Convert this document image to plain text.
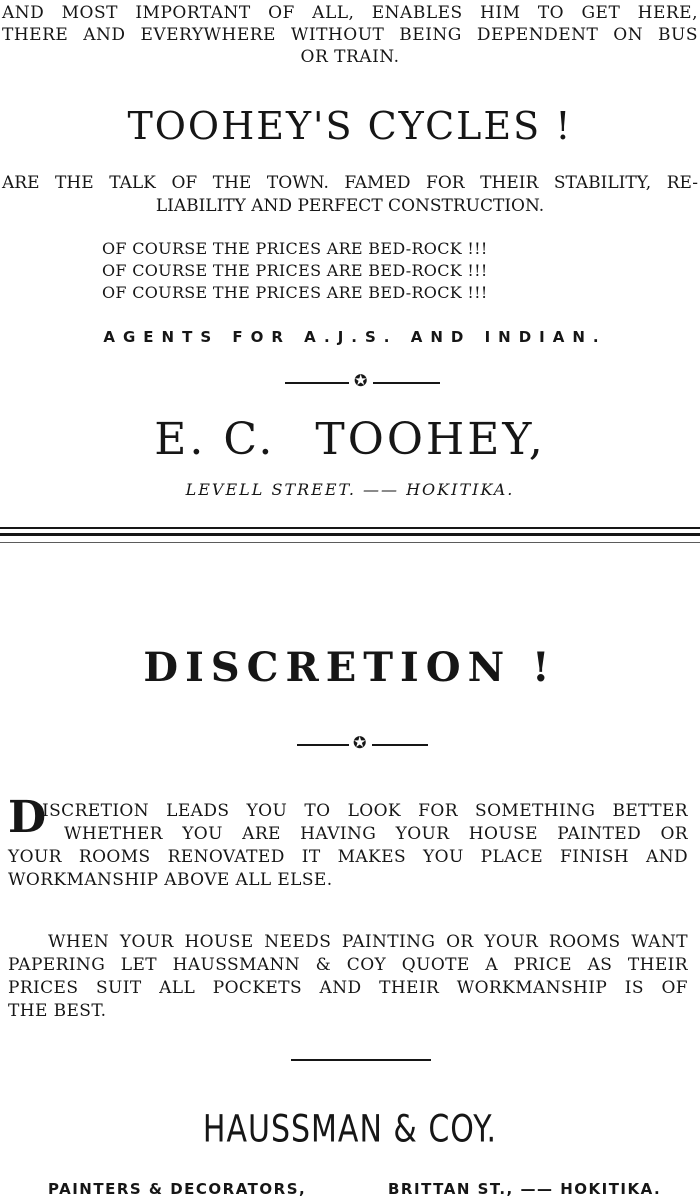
AND MOST IMPORTANT OF ALL, ENABLES HIM TO GET HERE,
THERE AND EVERYWHERE WITHOUT BEING DEPENDENT ON BUS
OR TRAIN.
TOOHEY'S CYCLES !
ARE THE TALK OF THE TOWN. FAMED FOR THEIR STABILITY, RE-
LIABILITY AND PERFECT CONSTRUCTION.
OF COURSE THE PRICES ARE BED-ROCK !!!
OF COURSE THE PRICES ARE BED-ROCK !!!
OF COURSE THE PRICES ARE BED-ROCK !!!
AGENTS FOR A.J.S. AND INDIAN.
✪
E. C. TOOHEY,
LEVELL STREET. —— HOKITIKA.
DISCRETION !
✪
D
ISCRETION LEADS YOU TO LOOK FOR SOMETHING BETTER
WHETHER YOU ARE HAVING YOUR HOUSE PAINTED OR
YOUR ROOMS RENOVATED IT MAKES YOU PLACE FINISH AND
WORKMANSHIP ABOVE ALL ELSE.
WHEN YOUR HOUSE NEEDS PAINTING OR YOUR ROOMS WANT
PAPERING LET HAUSSMANN & COY QUOTE A PRICE AS THEIR
PRICES SUIT ALL POCKETS AND THEIR WORKMANSHIP IS OF
THE BEST.
HAUSSMAN & COY.
PAINTERS & DECORATORS,	BRITTAN ST., —— HOKITIKA.
